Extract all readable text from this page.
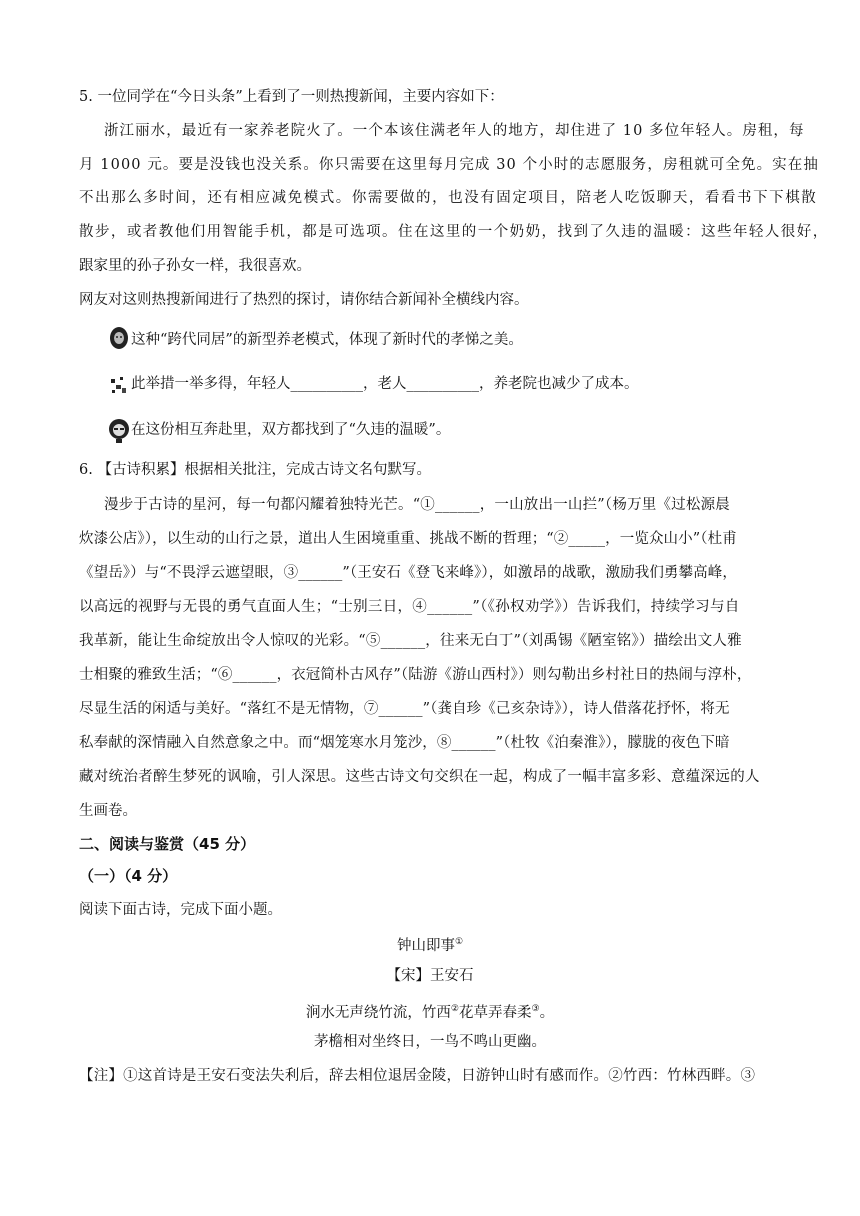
5. 一位同学在“今日头条”上看到了一则热搜新闻，主要内容如下：
浙江丽水，最近有一家养老院火了。一个本该住满老年人的地方，却住进了 10 多位年轻人。房租，每
月 1000 元。要是没钱也没关系。你只需要在这里每月完成 30 个小时的志愿服务，房租就可全免。实在抽
不出那么多时间，还有相应减免模式。你需要做的，也没有固定项目，陪老人吃饭聊天，看看书下下棋散
散步，或者教他们用智能手机，都是可选项。住在这里的一个奶奶，找到了久违的温暖：这些年轻人很好，
跟家里的孙子孙女一样，我很喜欢。
网友对这则热搜新闻进行了热烈的探讨，请你结合新闻补全横线内容。
这种“跨代同居”的新型养老模式，体现了新时代的孝悌之美。
此举措一举多得，年轻人__________，老人__________，养老院也减少了成本。
在这份相互奔赴里，双方都找到了“久违的温暖”。
6. 【古诗积累】根据相关批注，完成古诗文名句默写。
漫步于古诗的星河，每一句都闪耀着独特光芒。“①______，一山放出一山拦”（杨万里《过松源晨
炊漆公店》），以生动的山行之景，道出人生困境重重、挑战不断的哲理；“②_____，一览众山小”（杜甫
《望岳》）与“不畏浮云遮望眼，③______”（王安石《登飞来峰》），如激昂的战歌，激励我们勇攀高峰，
以高远的视野与无畏的勇气直面人生；“士别三日，④______”（《孙权劝学》）告诉我们，持续学习与自
我革新，能让生命绽放出令人惊叹的光彩。“⑤______，往来无白丁”（刘禹锡《陋室铭》）描绘出文人雅
士相聚的雅致生活；“⑥______，衣冠简朴古风存”（陆游《游山西村》）则勾勒出乡村社日的热闹与淳朴，
尽显生活的闲适与美好。“落红不是无情物，⑦______”（龚自珍《己亥杂诗》），诗人借落花抒怀，将无
私奉献的深情融入自然意象之中。而“烟笼寒水月笼沙，⑧______”（杜牧《泊秦淮》），朦胧的夜色下暗
藏对统治者醉生梦死的讽喻，引人深思。这些古诗文句交织在一起，构成了一幅丰富多彩、意蕴深远的人
生画卷。
二、阅读与鉴赏（45 分）
（一）（4 分）
阅读下面古诗，完成下面小题。
钟山即事①
【宋】王安石
涧水无声绕竹流，竹西②花草弄春柔③。
茅檐相对坐终日，一鸟不鸣山更幽。
【注】①这首诗是王安石变法失利后，辞去相位退居金陵，日游钟山时有感而作。②竹西：竹林西畔。③
